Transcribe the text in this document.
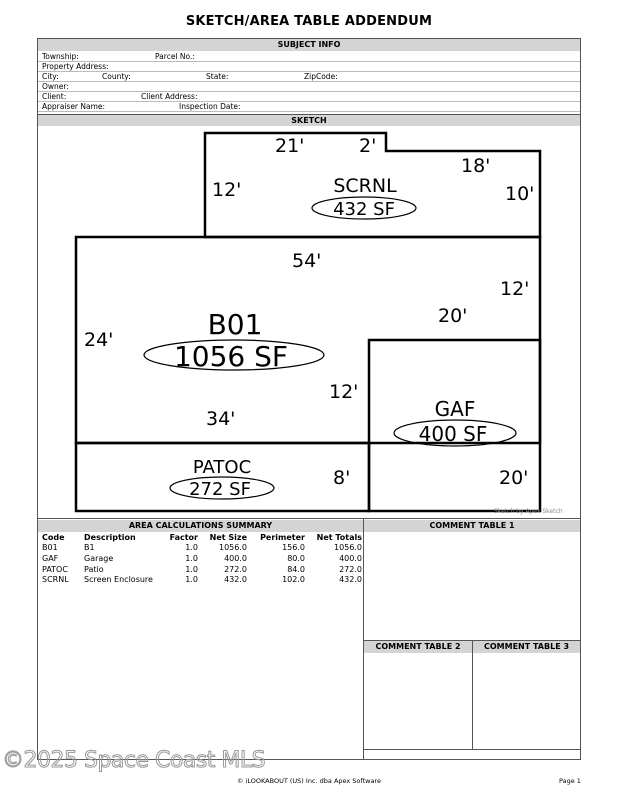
SKETCH/AREA TABLE ADDENDUM
SUBJECT INFO
Township:	Parcel No.:
Property Address:
City:	County:	State:	ZipCode:
Owner:
Client:	Client Address:
Appraiser Name:	Inspection Date:
SKETCH
21'	2'
18'
12'	10'
54'
12'
20'
24'
12'
34'
8'	20'
SCRNL
432 SF
B01
1056 SF
GAF
400 SF
PATOC
272 SF
Sketch by Apex Sketch
AREA CALCULATIONS SUMMARY
Code Description	Factor Net Size Perimeter Net Totals
B01	B1	1.0	1056.0	156.0	1056.0
GAF	Garage	1.0	400.0	80.0	400.0
PATOC Patio	1.0	272.0	84.0	272.0
SCRNL Screen Enclosure	1.0	432.0	102.0	432.0
COMMENT TABLE 1
COMMENT TABLE 2	COMMENT TABLE 3
© iLOOKABOUT (US) Inc. dba Apex Software	Page 1
©2025 Space Coast MLS
